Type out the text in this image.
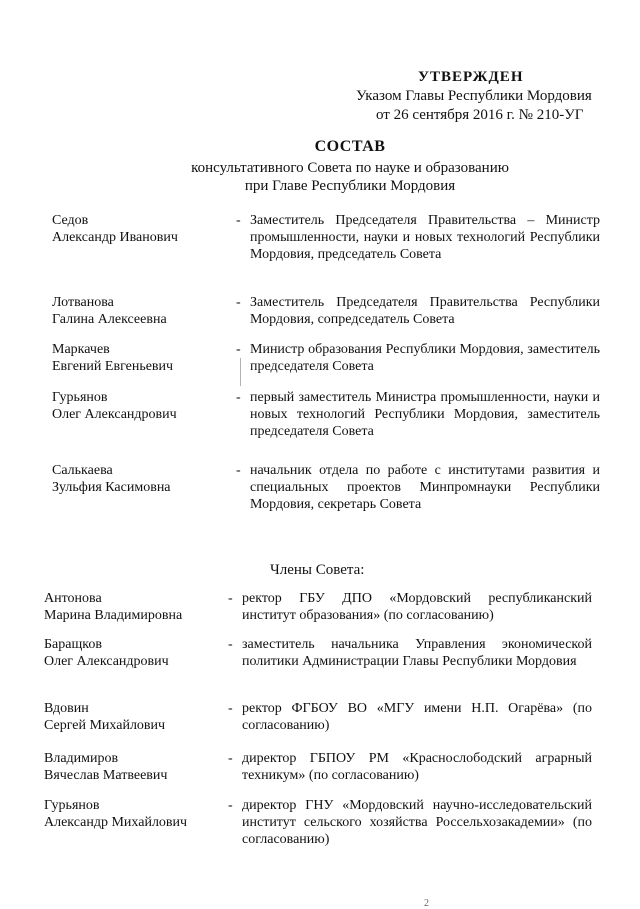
УТВЕРЖДЕН
Указом Главы Республики Мордовия
от 26 сентября 2016 г. № 210-УГ
СОСТАВ
консультативного Совета по науке и образованию
при Главе Республики Мордовия
Седов
Александр Иванович
- Заместитель Председателя Правительства – Министр промышленности, науки и новых технологий Республики Мордовия, председатель Совета
Лотванова
Галина Алексеевна
- Заместитель Председателя Правительства Республики Мордовия, сопредседатель Совета
Маркачев
Евгений Евгеньевич
- Министр образования Республики Мордовия, заместитель председателя Совета
Гурьянов
Олег Александрович
- первый заместитель Министра промышленности, науки и новых технологий Республики Мордовия, заместитель председателя Совета
Салькаева
Зульфия Касимовна
- начальник отдела по работе с институтами развития и специальных проектов Минпромнауки Республики Мордовия, секретарь Совета
Члены Совета:
Антонова
Марина Владимировна
- ректор ГБУ ДПО «Мордовский республиканский институт образования» (по согласованию)
Баращков
Олег Александрович
- заместитель начальника Управления экономической политики Администрации Главы Республики Мордовия
Вдовин
Сергей Михайлович
- ректор ФГБОУ ВО «МГУ имени Н.П. Огарёва» (по согласованию)
Владимиров
Вячеслав Матвеевич
- директор ГБПОУ РМ «Краснослободский аграрный техникум» (по согласованию)
Гурьянов
Александр Михайлович
- директор ГНУ «Мордовский научно-исследовательский институт сельского хозяйства Россельхозакадемии» (по согласованию)
2
